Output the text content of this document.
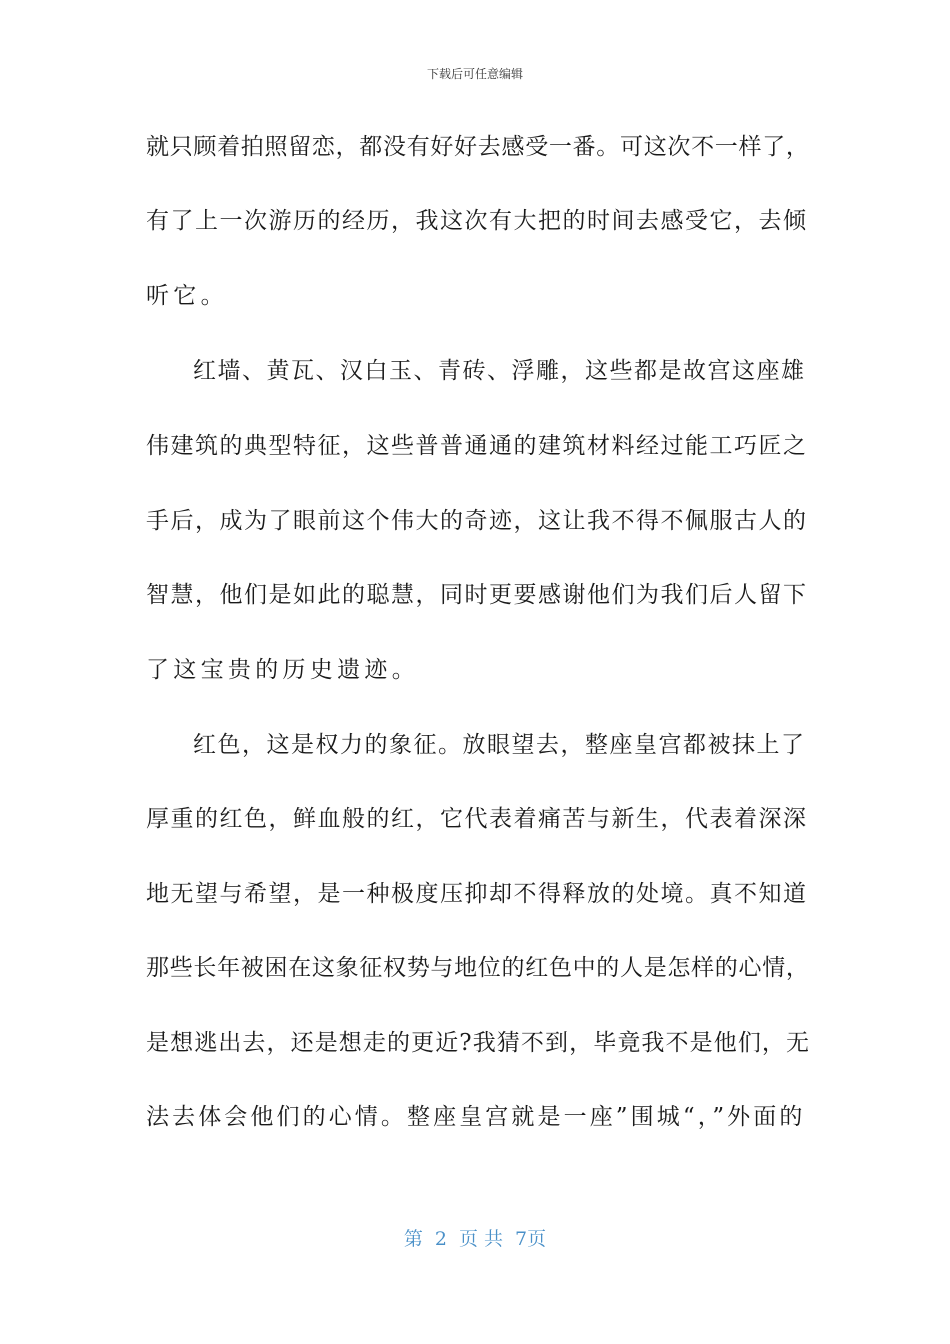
下载后可任意编辑
就只顾着拍照留恋，都没有好好去感受一番。可这次不一样了，
有了上一次游历的经历，我这次有大把的时间去感受它，去倾
听它。
红墙、黄瓦、汉白玉、青砖、浮雕，这些都是故宫这座雄
伟建筑的典型特征，这些普普通通的建筑材料经过能工巧匠之
手后，成为了眼前这个伟大的奇迹，这让我不得不佩服古人的
智慧，他们是如此的聪慧，同时更要感谢他们为我们后人留下
了这宝贵的历史遗迹。
红色，这是权力的象征。放眼望去，整座皇宫都被抹上了
厚重的红色，鲜血般的红，它代表着痛苦与新生，代表着深深
地无望与希望，是一种极度压抑却不得释放的处境。真不知道
那些长年被困在这象征权势与地位的红色中的人是怎样的心情，
是想逃出去，还是想走的更近?我猜不到，毕竟我不是他们，无
法去体会他们的心情。整座皇宫就是一座”围城“，”外面的
第 2 页 共 7页
